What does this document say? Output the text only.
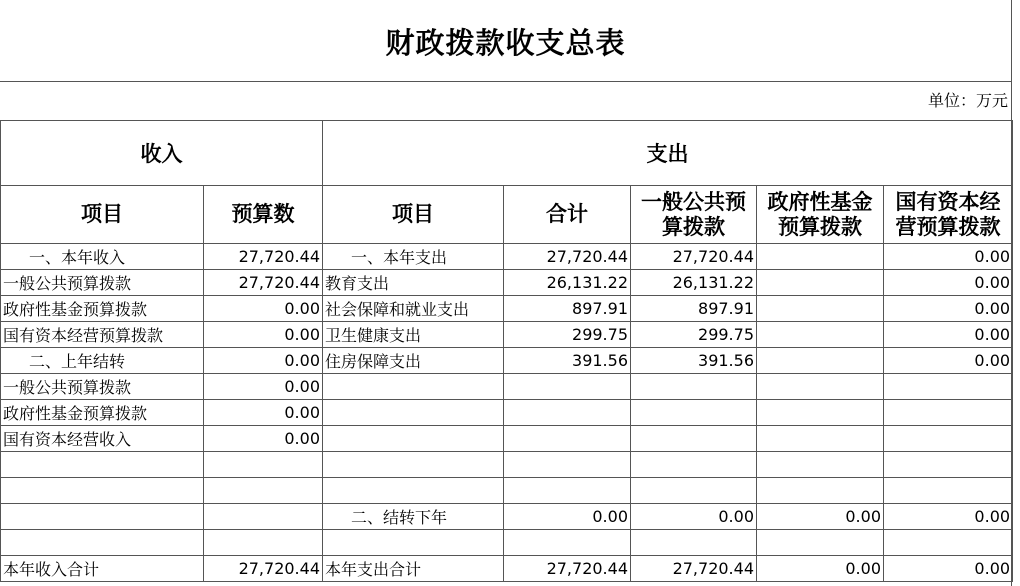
财政拨款收支总表
单位：万元
收入		支出				
项目	预算数	项目	合计	一般公共预算拨款	政府性基金预算拨款	国有资本经营预算拨款
一、本年收入	27,720.44	一、本年支出	27,720.44	27,720.44		0.00
一般公共预算拨款	27,720.44	教育支出	26,131.22	26,131.22		0.00
政府性基金预算拨款	0.00	社会保障和就业支出	897.91	897.91		0.00
国有资本经营预算拨款	0.00	卫生健康支出	299.75	299.75		0.00
二、上年结转	0.00	住房保障支出	391.56	391.56		0.00
一般公共预算拨款	0.00					
政府性基金预算拨款	0.00					
国有资本经营收入	0.00					

		二、结转下年	0.00	0.00	0.00	0.00

本年收入合计	27,720.44	本年支出合计	27,720.44	27,720.44	0.00	0.00
